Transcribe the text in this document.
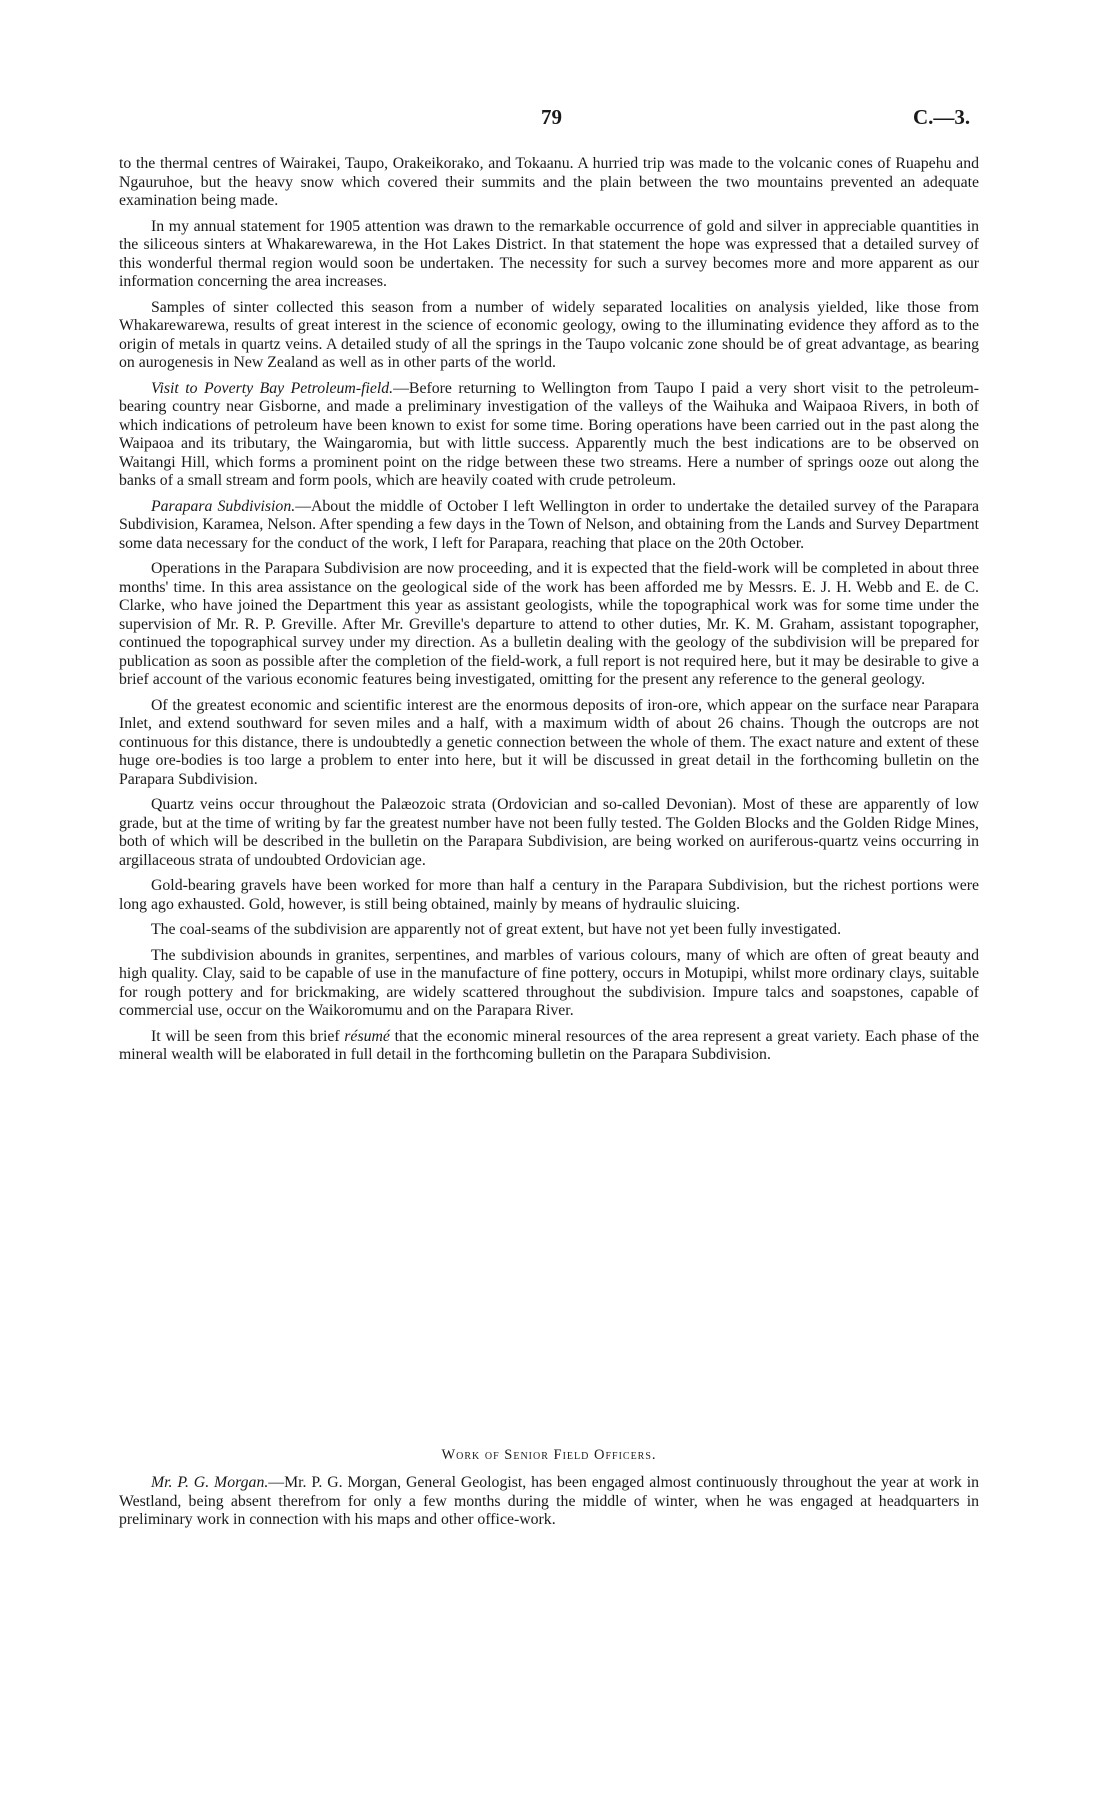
79	C.—3.

to the thermal centres of Wairakei, Taupo, Orakeikorako, and Tokaanu. A hurried trip was made to the volcanic cones of Ruapehu and Ngauruhoe, but the heavy snow which covered their summits and the plain between the two mountains prevented an adequate examination being made.

In my annual statement for 1905 attention was drawn to the remarkable occurrence of gold and silver in appreciable quantities in the siliceous sinters at Whakarewarewa, in the Hot Lakes District. In that statement the hope was expressed that a detailed survey of this wonderful thermal region would soon be undertaken. The necessity for such a survey becomes more and more apparent as our information concerning the area increases.

Samples of sinter collected this season from a number of widely separated localities on analysis yielded, like those from Whakarewarewa, results of great interest in the science of economic geology, owing to the illuminating evidence they afford as to the origin of metals in quartz veins. A detailed study of all the springs in the Taupo volcanic zone should be of great advantage, as bearing on aurogenesis in New Zealand as well as in other parts of the world.

Visit to Poverty Bay Petroleum-field.—Before returning to Wellington from Taupo I paid a very short visit to the petroleum-bearing country near Gisborne, and made a preliminary investigation of the valleys of the Waihuka and Waipaoa Rivers, in both of which indications of petroleum have been known to exist for some time. Boring operations have been carried out in the past along the Waipaoa and its tributary, the Waingaromia, but with little success. Apparently much the best indications are to be observed on Waitangi Hill, which forms a prominent point on the ridge between these two streams. Here a number of springs ooze out along the banks of a small stream and form pools, which are heavily coated with crude petroleum.

Parapara Subdivision.—About the middle of October I left Wellington in order to undertake the detailed survey of the Parapara Subdivision, Karamea, Nelson. After spending a few days in the Town of Nelson, and obtaining from the Lands and Survey Department some data necessary for the conduct of the work, I left for Parapara, reaching that place on the 20th October.

Operations in the Parapara Subdivision are now proceeding, and it is expected that the field-work will be completed in about three months' time. In this area assistance on the geological side of the work has been afforded me by Messrs. E. J. H. Webb and E. de C. Clarke, who have joined the Department this year as assistant geologists, while the topographical work was for some time under the supervision of Mr. R. P. Greville. After Mr. Greville's departure to attend to other duties, Mr. K. M. Graham, assistant topographer, continued the topographical survey under my direction. As a bulletin dealing with the geology of the subdivision will be prepared for publication as soon as possible after the completion of the field-work, a full report is not required here, but it may be desirable to give a brief account of the various economic features being investigated, omitting for the present any reference to the general geology.

Of the greatest economic and scientific interest are the enormous deposits of iron-ore, which appear on the surface near Parapara Inlet, and extend southward for seven miles and a half, with a maximum width of about 26 chains. Though the outcrops are not continuous for this distance, there is undoubtedly a genetic connection between the whole of them. The exact nature and extent of these huge ore-bodies is too large a problem to enter into here, but it will be discussed in great detail in the forthcoming bulletin on the Parapara Subdivision.

Quartz veins occur throughout the Palæozoic strata (Ordovician and so-called Devonian). Most of these are apparently of low grade, but at the time of writing by far the greatest number have not been fully tested. The Golden Blocks and the Golden Ridge Mines, both of which will be described in the bulletin on the Parapara Subdivision, are being worked on auriferous-quartz veins occurring in argillaceous strata of undoubted Ordovician age.

Gold-bearing gravels have been worked for more than half a century in the Parapara Subdivision, but the richest portions were long ago exhausted. Gold, however, is still being obtained, mainly by means of hydraulic sluicing.

The coal-seams of the subdivision are apparently not of great extent, but have not yet been fully investigated.

The subdivision abounds in granites, serpentines, and marbles of various colours, many of which are often of great beauty and high quality. Clay, said to be capable of use in the manufacture of fine pottery, occurs in Motupipi, whilst more ordinary clays, suitable for rough pottery and for brickmaking, are widely scattered throughout the subdivision. Impure talcs and soapstones, capable of commercial use, occur on the Waikoromumu and on the Parapara River.

It will be seen from this brief résumé that the economic mineral resources of the area represent a great variety. Each phase of the mineral wealth will be elaborated in full detail in the forthcoming bulletin on the Parapara Subdivision.

Work of Senior Field Officers.

Mr. P. G. Morgan.—Mr. P. G. Morgan, General Geologist, has been engaged almost continuously throughout the year at work in Westland, being absent therefrom for only a few months during the middle of winter, when he was engaged at headquarters in preliminary work in connection with his maps and other office-work.
